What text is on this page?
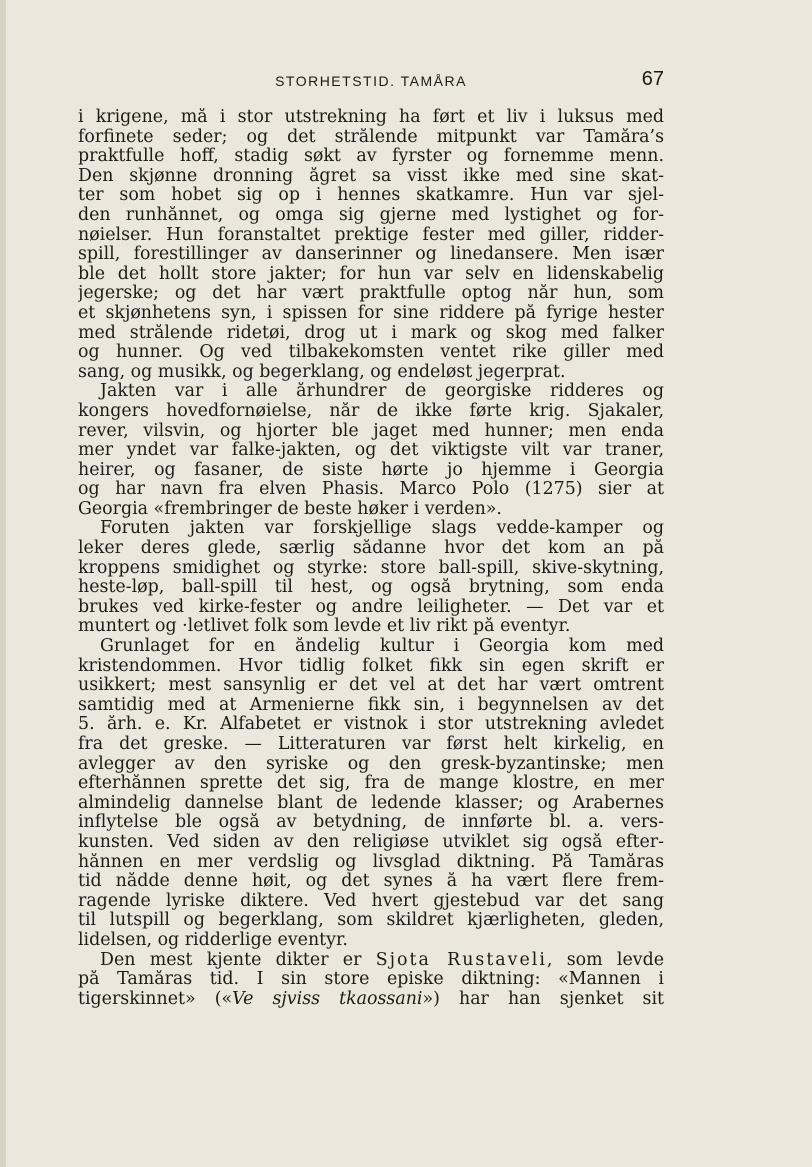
STORHETSTID. TAMÅRA	67
i krigene, må i stor utstrekning ha ført et liv i luksus med
forfinete seder; og det strålende mitpunkt var Tamåra’s
praktfulle hoff, stadig søkt av fyrster og fornemme menn.
Den skjønne dronning ågret sa visst ikke med sine skat-
ter som hobet sig op i hennes skatkamre. Hun var sjel-
den runhånnet, og omga sig gjerne med lystighet og for-
nøielser. Hun foranstaltet prektige fester med giller, ridder-
spill, forestillinger av danserinner og linedansere. Men især
ble det hollt store jakter; for hun var selv en lidenskabelig
jegerske; og det har vært praktfulle optog når hun, som
et skjønhetens syn, i spissen for sine riddere på fyrige hester
med strålende ridetøi, drog ut i mark og skog med falker
og hunner. Og ved tilbakekomsten ventet rike giller med
sang, og musikk, og begerklang, og endeløst jegerprat.
Jakten var i alle århundrer de georgiske ridderes og
kongers hovedfornøielse, når de ikke førte krig. Sjakaler,
rever, vilsvin, og hjorter ble jaget med hunner; men enda
mer yndet var falke-jakten, og det viktigste vilt var traner,
heirer, og fasaner, de siste hørte jo hjemme i Georgia
og har navn fra elven Phasis. Marco Polo (1275) sier at
Georgia «frembringer de beste høker i verden».
Foruten jakten var forskjellige slags vedde-kamper og
leker deres glede, særlig sådanne hvor det kom an på
kroppens smidighet og styrke: store ball-spill, skive-skytning,
heste-løp, ball-spill til hest, og også brytning, som enda
brukes ved kirke-fester og andre leiligheter. — Det var et
muntert og ·letlivet folk som levde et liv rikt på eventyr.
Grunlaget for en åndelig kultur i Georgia kom med
kristendommen. Hvor tidlig folket fikk sin egen skrift er
usikkert; mest sansynlig er det vel at det har vært omtrent
samtidig med at Armenierne fikk sin, i begynnelsen av det
5. årh. e. Kr. Alfabetet er vistnok i stor utstrekning avledet
fra det greske. — Litteraturen var først helt kirkelig, en
avlegger av den syriske og den gresk-byzantinske; men
efterhånnen sprette det sig, fra de mange klostre, en mer
almindelig dannelse blant de ledende klasser; og Arabernes
inflytelse ble også av betydning, de innførte bl. a. vers-
kunsten. Ved siden av den religiøse utviklet sig også efter-
hånnen en mer verdslig og livsglad diktning. På Tamåras
tid nådde denne høit, og det synes å ha vært flere frem-
ragende lyriske diktere. Ved hvert gjestebud var det sang
til lutspill og begerklang, som skildret kjærligheten, gleden,
lidelsen, og ridderlige eventyr.
Den mest kjente dikter er Sjota Rustaveli, som levde
på Tamåras tid. I sin store episke diktning: «Mannen i
tigerskinnet» («Ve sjviss tkaossani») har han sjenket sit
